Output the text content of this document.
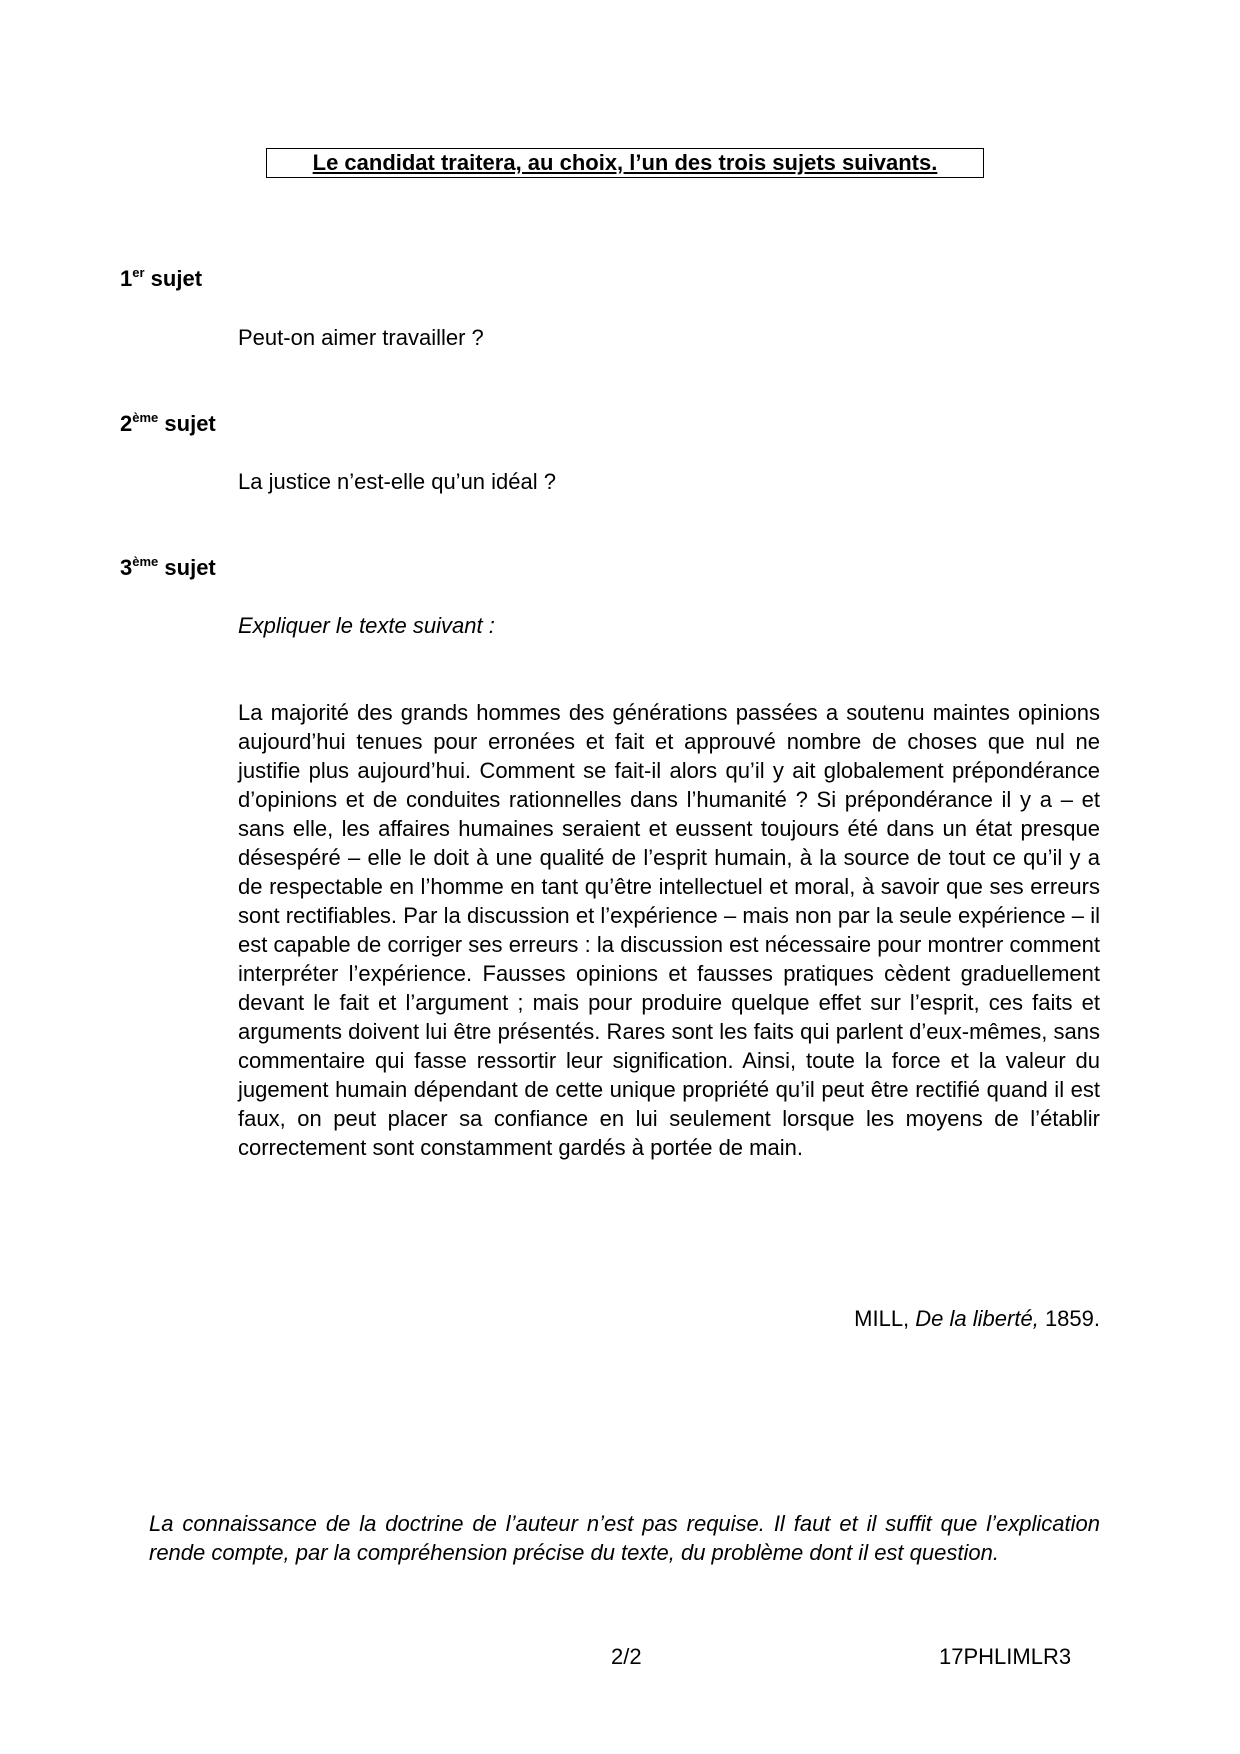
Le candidat traitera, au choix, l’un des trois sujets suivants.
1er sujet
Peut-on aimer travailler ?
2ème sujet
La justice n’est-elle qu’un idéal ?
3ème sujet
Expliquer le texte suivant :
La majorité des grands hommes des générations passées a soutenu maintes opinions aujourd’hui tenues pour erronées et fait et approuvé nombre de choses que nul ne justifie plus aujourd’hui. Comment se fait-il alors qu’il y ait globalement prépondérance d’opinions et de conduites rationnelles dans l’humanité ? Si prépondérance il y a – et sans elle, les affaires humaines seraient et eussent toujours été dans un état presque désespéré – elle le doit à une qualité de l’esprit humain, à la source de tout ce qu’il y a de respectable en l’homme en tant qu’être intellectuel et moral, à savoir que ses erreurs sont rectifiables. Par la discussion et l’expérience – mais non par la seule expérience – il est capable de corriger ses erreurs : la discussion est nécessaire pour montrer comment interpréter l’expérience. Fausses opinions et fausses pratiques cèdent graduellement devant le fait et l’argument ; mais pour produire quelque effet sur l’esprit, ces faits et arguments doivent lui être présentés. Rares sont les faits qui parlent d’eux-mêmes, sans commentaire qui fasse ressortir leur signification. Ainsi, toute la force et la valeur du jugement humain dépendant de cette unique propriété qu’il peut être rectifié quand il est faux, on peut placer sa confiance en lui seulement lorsque les moyens de l’établir correctement sont constamment gardés à portée de main.
MILL, De la liberté, 1859.
La connaissance de la doctrine de l’auteur n’est pas requise. Il faut et il suffit que l’explication rende compte, par la compréhension précise du texte, du problème dont il est question.
2/2	17PHLIMLR3
